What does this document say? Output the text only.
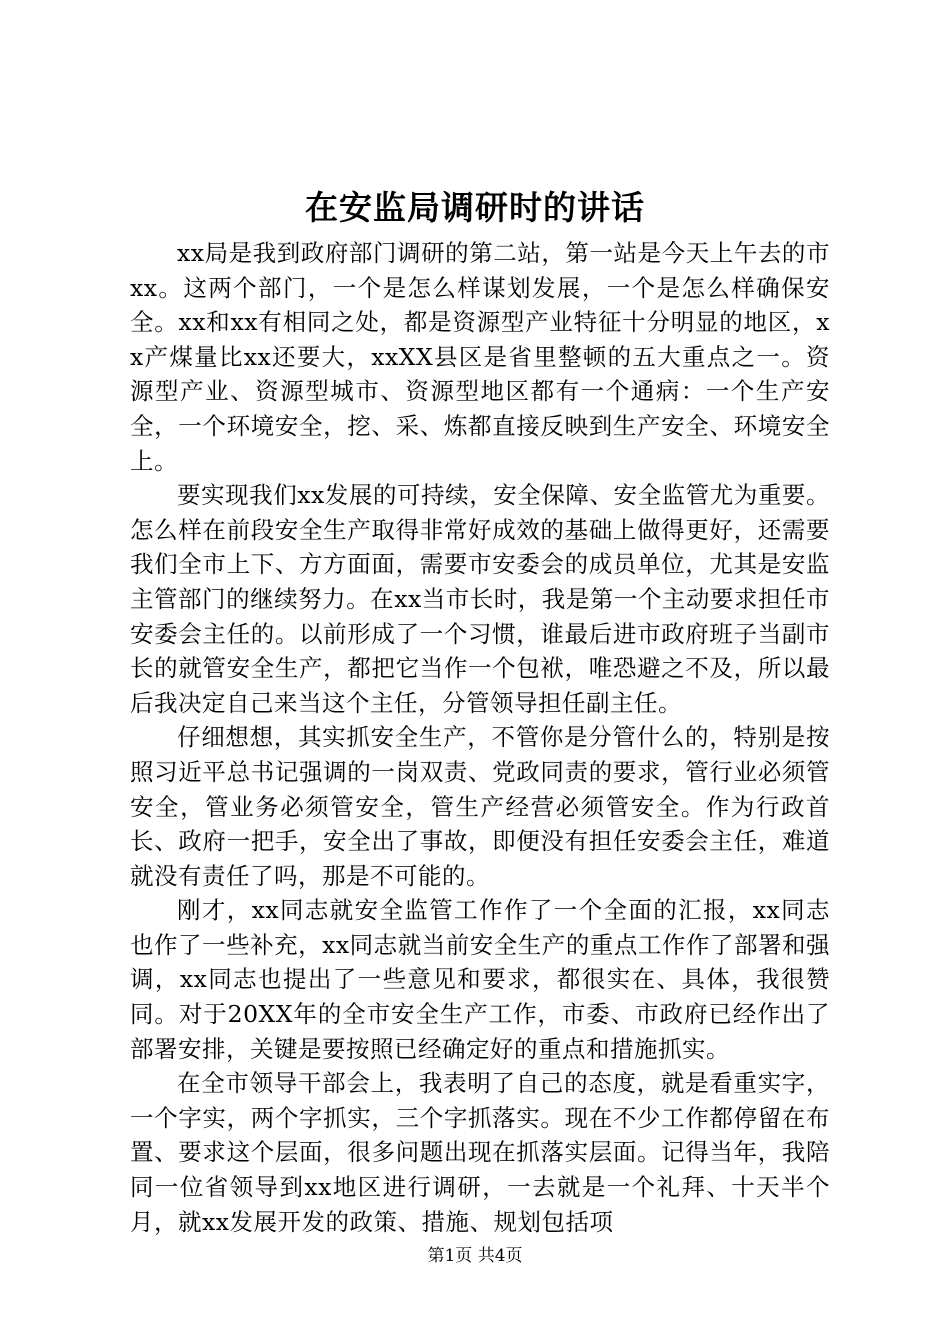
在安监局调研时的讲话

xx局是我到政府部门调研的第二站，第一站是今天上午去的市xx。这两个部门，一个是怎么样谋划发展，一个是怎么样确保安全。xx和xx有相同之处，都是资源型产业特征十分明显的地区，xx产煤量比xx还要大，xxXX县区是省里整顿的五大重点之一。资源型产业、资源型城市、资源型地区都有一个通病：一个生产安全，一个环境安全，挖、采、炼都直接反映到生产安全、环境安全上。

要实现我们xx发展的可持续，安全保障、安全监管尤为重要。怎么样在前段安全生产取得非常好成效的基础上做得更好，还需要我们全市上下、方方面面，需要市安委会的成员单位，尤其是安监主管部门的继续努力。在xx当市长时，我是第一个主动要求担任市安委会主任的。以前形成了一个习惯，谁最后进市政府班子当副市长的就管安全生产，都把它当作一个包袱，唯恐避之不及，所以最后我决定自己来当这个主任，分管领导担任副主任。

仔细想想，其实抓安全生产，不管你是分管什么的，特别是按照习近平总书记强调的一岗双责、党政同责的要求，管行业必须管安全，管业务必须管安全，管生产经营必须管安全。作为行政首长、政府一把手，安全出了事故，即便没有担任安委会主任，难道就没有责任了吗，那是不可能的。

刚才，xx同志就安全监管工作作了一个全面的汇报，xx同志也作了一些补充，xx同志就当前安全生产的重点工作作了部署和强调，xx同志也提出了一些意见和要求，都很实在、具体，我很赞同。对于20XX年的全市安全生产工作，市委、市政府已经作出了部署安排，关键是要按照已经确定好的重点和措施抓实。

在全市领导干部会上，我表明了自己的态度，就是看重实字，一个字实，两个字抓实，三个字抓落实。现在不少工作都停留在布置、要求这个层面，很多问题出现在抓落实层面。记得当年，我陪同一位省领导到xx地区进行调研，一去就是一个礼拜、十天半个月，就xx发展开发的政策、措施、规划包括项

第1页 共4页
